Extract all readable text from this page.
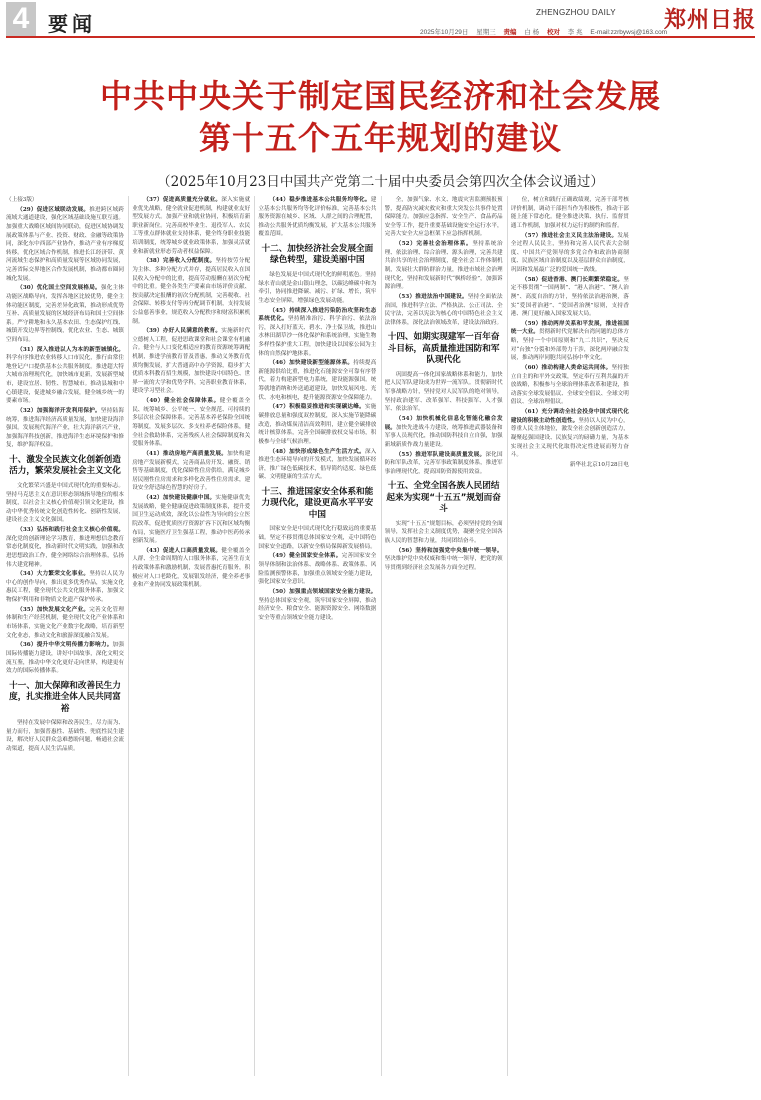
4 要闻	ZHENGZHOU DAILY 郑州日报
2025年10月29日 星期三 责编 白 杨 校对 李 兆 E-mail:zzrbywsj@163.com
中共中央关于制定国民经济和社会发展
第十五个五年规划的建议
（2025年10月23日中国共产党第二十届中央委员会第四次全体会议通过）

（上接3版）

（29）促进区域联动发展。推进跨区域跨流域大通道建设，强化区域基础设施互联互通。加强重大战略区域间协同联动，促进区域协调发展政策体系与产业、投资、财政、金融等政策协同，深化东中西部产业协作，推动产业有序梯度转移。优化区域合作机制，推进长江经济带、黄河流域生态保护和高质量发展等区域协同发展，完善省际交界地区合作发展机制，推动都市圈同城化发展。

（30）优化国土空间发展格局。强化主体功能区战略导向，发挥各地区比较优势，健全主体功能区制度，完善差异化政策，推动形成优势互补、高质量发展的区域经济布局和国土空间体系。严守耕地和永久基本农田、生态保护红线、城镇开发边界等控制线，优化农业、生态、城镇空间布局。

（31）深入推进以人为本的新型城镇化。科学有序推进农业转移人口市民化，推行由常住地登记户口提供基本公共服务制度。推进超大特大城市治理现代化，加快城市更新，发展新型城市，建设宜居、韧性、智慧城市。推动县城和中心镇建设，促进城乡融合发展，健全城乡统一的要素市场。

（32）加强海洋开发利用保护。坚持陆海统筹，推进海洋经济高质量发展，加快建设海洋强国。发展现代海洋产业，壮大海洋新兴产业，加强海洋科技创新，推进海洋生态环境保护和修复，维护海洋权益。

十、激发全民族文化创新创造活力，繁荣发展社会主义文化

文化繁荣兴盛是中国式现代化的重要标志。坚持马克思主义在意识形态领域指导地位的根本制度，以社会主义核心价值观引领文化建设，推动中华优秀传统文化创造性转化、创新性发展，建设社会主义文化强国。

（33）弘扬和践行社会主义核心价值观。深化党的创新理论学习教育，推进理想信念教育常态化制度化，推动新时代文明实践，加强和改进思想政治工作，健全网络综合治理体系，弘扬伟大建党精神。

（34）大力繁荣文化事业。坚持以人民为中心的创作导向，推出更多优秀作品，实施文化惠民工程，健全现代公共文化服务体系，加强文物保护利用和非物质文化遗产保护传承。

（35）加快发展文化产业。完善文化管理体制和生产经营机制，健全现代文化产业体系和市场体系，实施文化产业数字化战略，培育新型文化业态，推动文化和旅游深度融合发展。

（36）提升中华文明传播力影响力。加强国际传播能力建设，讲好中国故事，深化文明交流互鉴，推动中华文化更好走向世界，构建更有效力的国际传播体系。

十一、加大保障和改善民生力度，扎实推进全体人民共同富裕

坚持在发展中保障和改善民生，尽力而为、量力而行，加强普惠性、基础性、兜底性民生建设，解决好人民群众急难愁盼问题，畅通社会流动渠道，提高人民生活品质。

（37）促进高质量充分就业。深入实施就业优先战略，健全就业促进机制，构建就业友好型发展方式。加强产业和就业协同，积极培育新职业新岗位。完善高校毕业生、退役军人、农民工等重点群体就业支持体系，健全终身职业技能培训制度，统筹城乡就业政策体系，加强灵活就业和新就业形态劳动者权益保障。

（38）完善收入分配制度。坚持按劳分配为主体、多种分配方式并存，提高居民收入在国民收入分配中的比重，提高劳动报酬在初次分配中的比重。健全各类生产要素由市场评价贡献、按贡献决定报酬的初次分配机制，完善税收、社会保障、转移支付等再分配调节机制，支持发展公益慈善事业，规范收入分配秩序和财富积累机制。

（39）办好人民满意的教育。实施新时代立德树人工程，促进思政课堂和社会课堂有机融合。健全与人口变化相适应的教育资源统筹调配机制，推进学前教育普及普惠，推动义务教育优质均衡发展，扩大普通高中办学资源，稳步扩大优质本科教育招生规模，加快建设中国特色、世界一流的大学和优势学科，完善职业教育体系，建设学习型社会。

（40）健全社会保障体系。健全覆盖全民、统筹城乡、公平统一、安全规范、可持续的多层次社会保障体系。完善基本养老保险全国统筹制度，发展多层次、多支柱养老保险体系，健全社会救助体系，完善残疾人社会保障制度和关爱服务体系。

（41）推动房地产高质量发展。加快构建房地产发展新模式，完善商品房开发、融资、销售等基础制度，优化保障性住房供给，满足城乡居民刚性住房需求和多样化改善性住房需求，建设安全舒适绿色智慧的好房子。

（42）加快建设健康中国。实施健康优先发展战略，健全健康促进政策制度体系，提升爱国卫生运动成效，深化以公益性为导向的公立医院改革，促进优质医疗资源扩容下沉和区域均衡布局，实施医疗卫生强基工程，推动中医药传承创新发展。

（43）促进人口高质量发展。健全覆盖全人群、全生命周期的人口服务体系，完善生育支持政策体系和激励机制，发展普惠托育服务，积极应对人口老龄化，发展银发经济，健全养老事业和产业协同发展政策机制。

（44）稳步推进基本公共服务均等化。建立基本公共服务均等化评价标准，完善基本公共服务资源在城乡、区域、人群之间的合理配置，推动公共服务优质均衡发展，扩大基本公共服务覆盖范围。

十二、加快经济社会发展全面绿色转型，建设美丽中国

绿色发展是中国式现代化的鲜明底色。坚持绿水青山就是金山银山理念，以碳达峰碳中和为牵引，协同推进降碳、减污、扩绿、增长，筑牢生态安全屏障，增强绿色发展动能。

（45）持续深入推进污染防治攻坚和生态系统优化。坚持精准治污、科学治污、依法治污，深入打好蓝天、碧水、净土保卫战，推进山水林田湖草沙一体化保护和系统治理，实施生物多样性保护重大工程，加快建设以国家公园为主体的自然保护地体系。

（46）加快建设新型能源体系。持续提高新能源供给比重，推进化石能源安全可靠有序替代，着力构建新型电力系统，建设能源强国。统筹就地消纳和外送通道建设，加快发展风电、光伏、水电和核电，提升能源资源安全保障能力。

（47）积极稳妥推进和实现碳达峰。实施碳排放总量和强度双控制度，深入实施节能降碳改造，推动煤炭清洁高效利用，建立健全碳排放统计核算体系，完善全国碳排放权交易市场，积极参与全球气候治理。

（48）加快形成绿色生产生活方式。深入推进生态环境导向的开发模式，加快发展循环经济，推广绿色低碳技术，倡导简约适度、绿色低碳、文明健康的生活方式。

十三、推进国家安全体系和能力现代化，建设更高水平平安中国

国家安全是中国式现代化行稳致远的重要基础。坚定不移贯彻总体国家安全观，走中国特色国家安全道路，以新安全格局保障新发展格局。

（49）健全国家安全体系。完善国家安全领导体制和法治体系、战略体系、政策体系、风险监测预警体系，加强重点领域安全能力建设，强化国家安全意识。

（50）加强重点领域国家安全能力建设。坚持总体国家安全观，筑牢国家安全屏障，推动经济安全、粮食安全、能源资源安全、网络数据安全等重点领域安全能力建设。

全，加强气象、水文、地震灾害监测预报预警，提高防灾减灾救灾和重大突发公共事件处置保障能力。加强应急指挥、安全生产、食品药品安全等工作，提升重要基础设施安全运行水平，完善大安全大应急框架下应急指挥机制。

（52）完善社会治理体系。坚持系统治理、依法治理、综合治理、源头治理，完善共建共治共享的社会治理制度，健全社会工作体制机制，发展壮大群防群治力量，推进市域社会治理现代化，坚持和发展新时代“枫桥经验”，加强诉源治理。

（53）推进法治中国建设。坚持全面依法治国，推进科学立法、严格执法、公正司法、全民守法，完善以宪法为核心的中国特色社会主义法律体系，深化法治领域改革，建设法治政府。

十四、如期实现建军一百年奋斗目标，高质量推进国防和军队现代化

巩固提高一体化国家战略体系和能力，加快把人民军队建设成为世界一流军队。贯彻新时代军事战略方针，坚持党对人民军队的绝对领导，坚持政治建军、改革强军、科技强军、人才强军、依法治军。

（54）加快机械化信息化智能化融合发展。加快先进战斗力建设，统筹推进武器装备和军事人员现代化，推动国防科技自立自强，加强新域新质作战力量建设。

（55）推进军队建设高质量发展。深化国防和军队改革，完善军事政策制度体系，推进军事治理现代化，提高国防资源使用效益。

十五、全党全国各族人民团结起来为实现“十五五”规划而奋斗

实现“十五五”规划目标，必须坚持党的全面领导，发挥社会主义制度优势，凝聚全党全国各族人民的智慧和力量，共同团结奋斗。

（56）坚持和加强党中央集中统一领导。坚决维护党中央权威和集中统一领导，把党的领导贯彻到经济社会发展各方面全过程。

位，树立和践行正确政绩观，完善干部考核评价机制，调动干部担当作为积极性，推动干部能上能下常态化。健全推进决策、执行、监督贯通工作机制，加强对权力运行的制约和监督。

（57）推进社会主义民主法治建设。发展全过程人民民主，坚持和完善人民代表大会制度、中国共产党领导的多党合作和政治协商制度、民族区域自治制度以及基层群众自治制度，巩固和发展最广泛的爱国统一战线。

（58）促进香港、澳门长期繁荣稳定。坚定不移贯彻“一国两制”、“港人治港”、“澳人治澳”、高度自治的方针，坚持依法治港治澳，落实“爱国者治港”、“爱国者治澳”原则，支持香港、澳门更好融入国家发展大局。

（59）推动两岸关系和平发展，推进祖国统一大业。贯彻新时代党解决台湾问题的总体方略，坚持一个中国原则和“九二共识”，坚决反对“台独”分裂和外部势力干涉，深化两岸融合发展，推动两岸同胞共同弘扬中华文化。

（60）推动构建人类命运共同体。坚持独立自主的和平外交政策，坚定奉行互利共赢的开放战略，积极参与全球治理体系改革和建设，推动落实全球发展倡议、全球安全倡议、全球文明倡议、全球治理倡议。

（61）充分调动全社会投身中国式现代化建设的积极主动性创造性。坚持以人民为中心，尊重人民主体地位，激发全社会创新创造活力，凝聚起强国建设、民族复兴的磅礴力量，为基本实现社会主义现代化取得决定性进展而努力奋斗。

新华社北京10月28日电
